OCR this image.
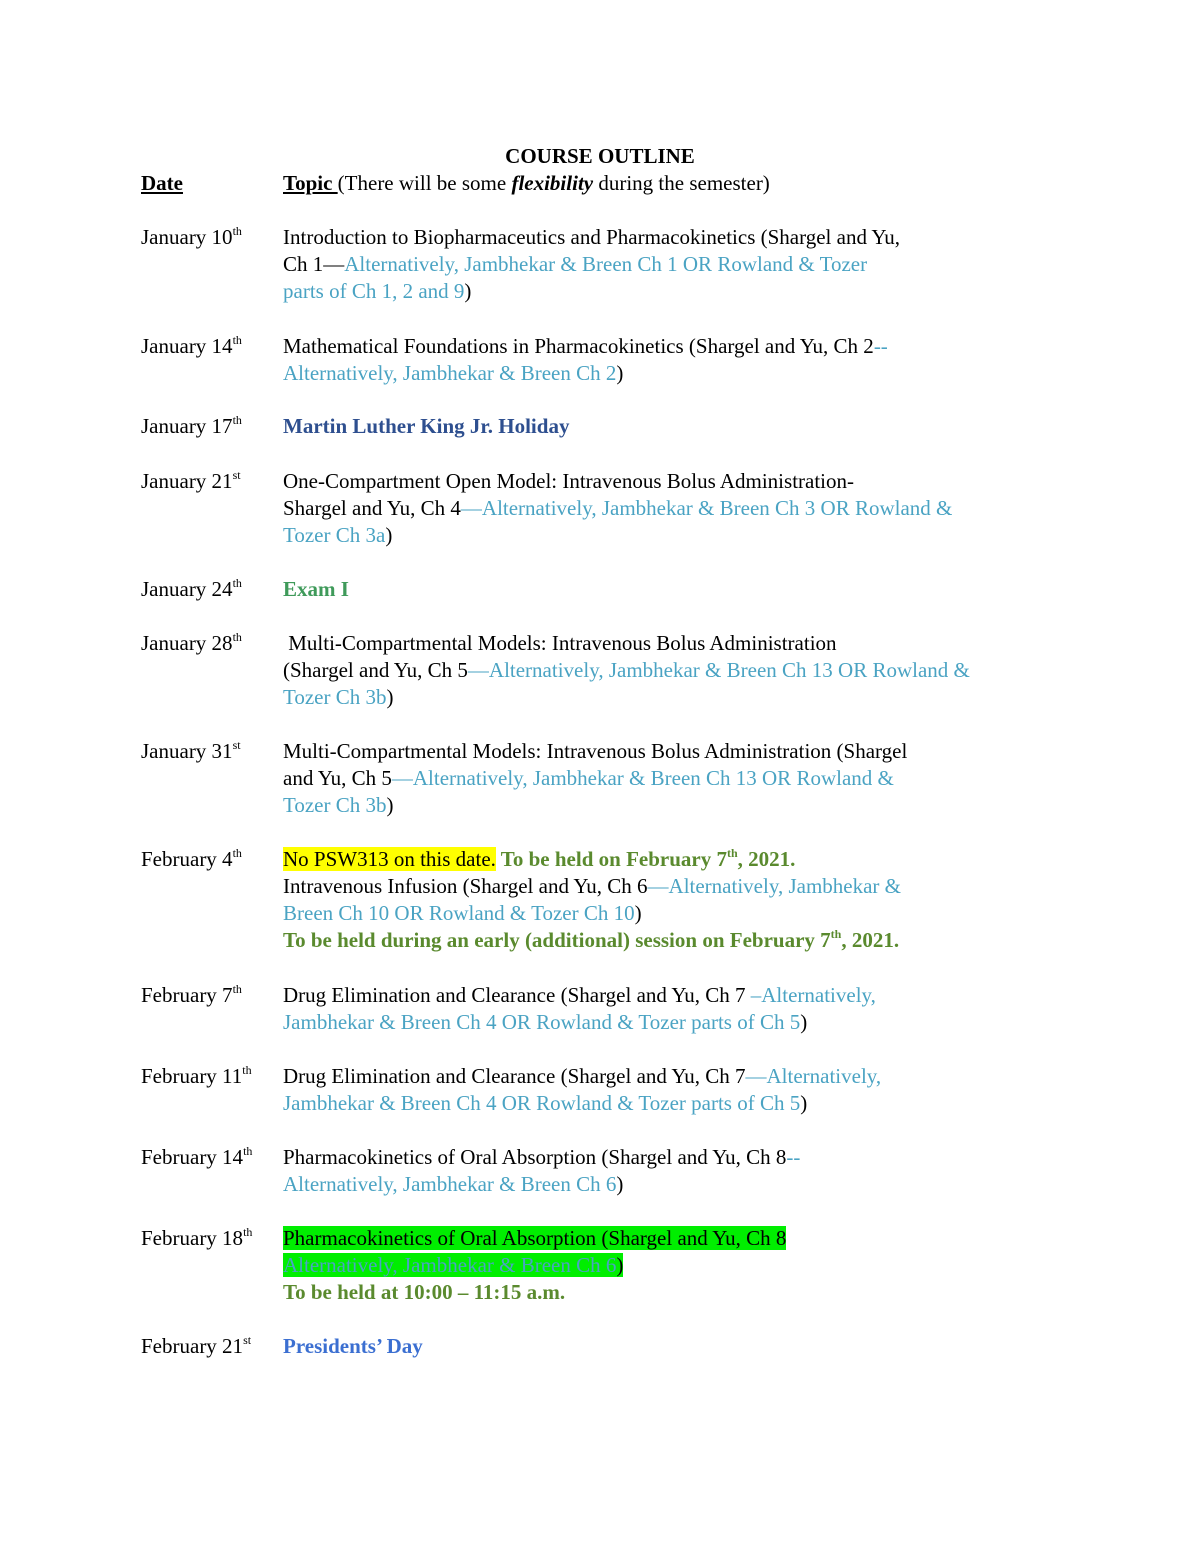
COURSE OUTLINE
Date	Topic (There will be some flexibility during the semester)
January 10th Introduction to Biopharmaceutics and Pharmacokinetics (Shargel and Yu,
Ch 1—Alternatively, Jambhekar & Breen Ch 1 OR Rowland & Tozer
parts of Ch 1, 2 and 9)
January 14th Mathematical Foundations in Pharmacokinetics (Shargel and Yu, Ch 2--
Alternatively, Jambhekar & Breen Ch 2)
January 17th Martin Luther King Jr. Holiday
January 21st One-Compartment Open Model: Intravenous Bolus Administration-
Shargel and Yu, Ch 4—Alternatively, Jambhekar & Breen Ch 3 OR Rowland &
Tozer Ch 3a)
January 24th Exam I
January 28th Multi-Compartmental Models: Intravenous Bolus Administration
(Shargel and Yu, Ch 5—Alternatively, Jambhekar & Breen Ch 13 OR Rowland &
Tozer Ch 3b)
January 31st Multi-Compartmental Models: Intravenous Bolus Administration (Shargel
and Yu, Ch 5—Alternatively, Jambhekar & Breen Ch 13 OR Rowland &
Tozer Ch 3b)
February 4th No PSW313 on this date. To be held on February 7th, 2021.
Intravenous Infusion (Shargel and Yu, Ch 6—Alternatively, Jambhekar &
Breen Ch 10 OR Rowland & Tozer Ch 10)
To be held during an early (additional) session on February 7th, 2021.
February 7th Drug Elimination and Clearance (Shargel and Yu, Ch 7 –Alternatively,
Jambhekar & Breen Ch 4 OR Rowland & Tozer parts of Ch 5)
February 11th Drug Elimination and Clearance (Shargel and Yu, Ch 7—Alternatively,
Jambhekar & Breen Ch 4 OR Rowland & Tozer parts of Ch 5)
February 14th Pharmacokinetics of Oral Absorption (Shargel and Yu, Ch 8--
Alternatively, Jambhekar & Breen Ch 6)
February 18th Pharmacokinetics of Oral Absorption (Shargel and Yu, Ch 8
Alternatively, Jambhekar & Breen Ch 6)
To be held at 10:00 – 11:15 a.m.
February 21st Presidents’ Day
